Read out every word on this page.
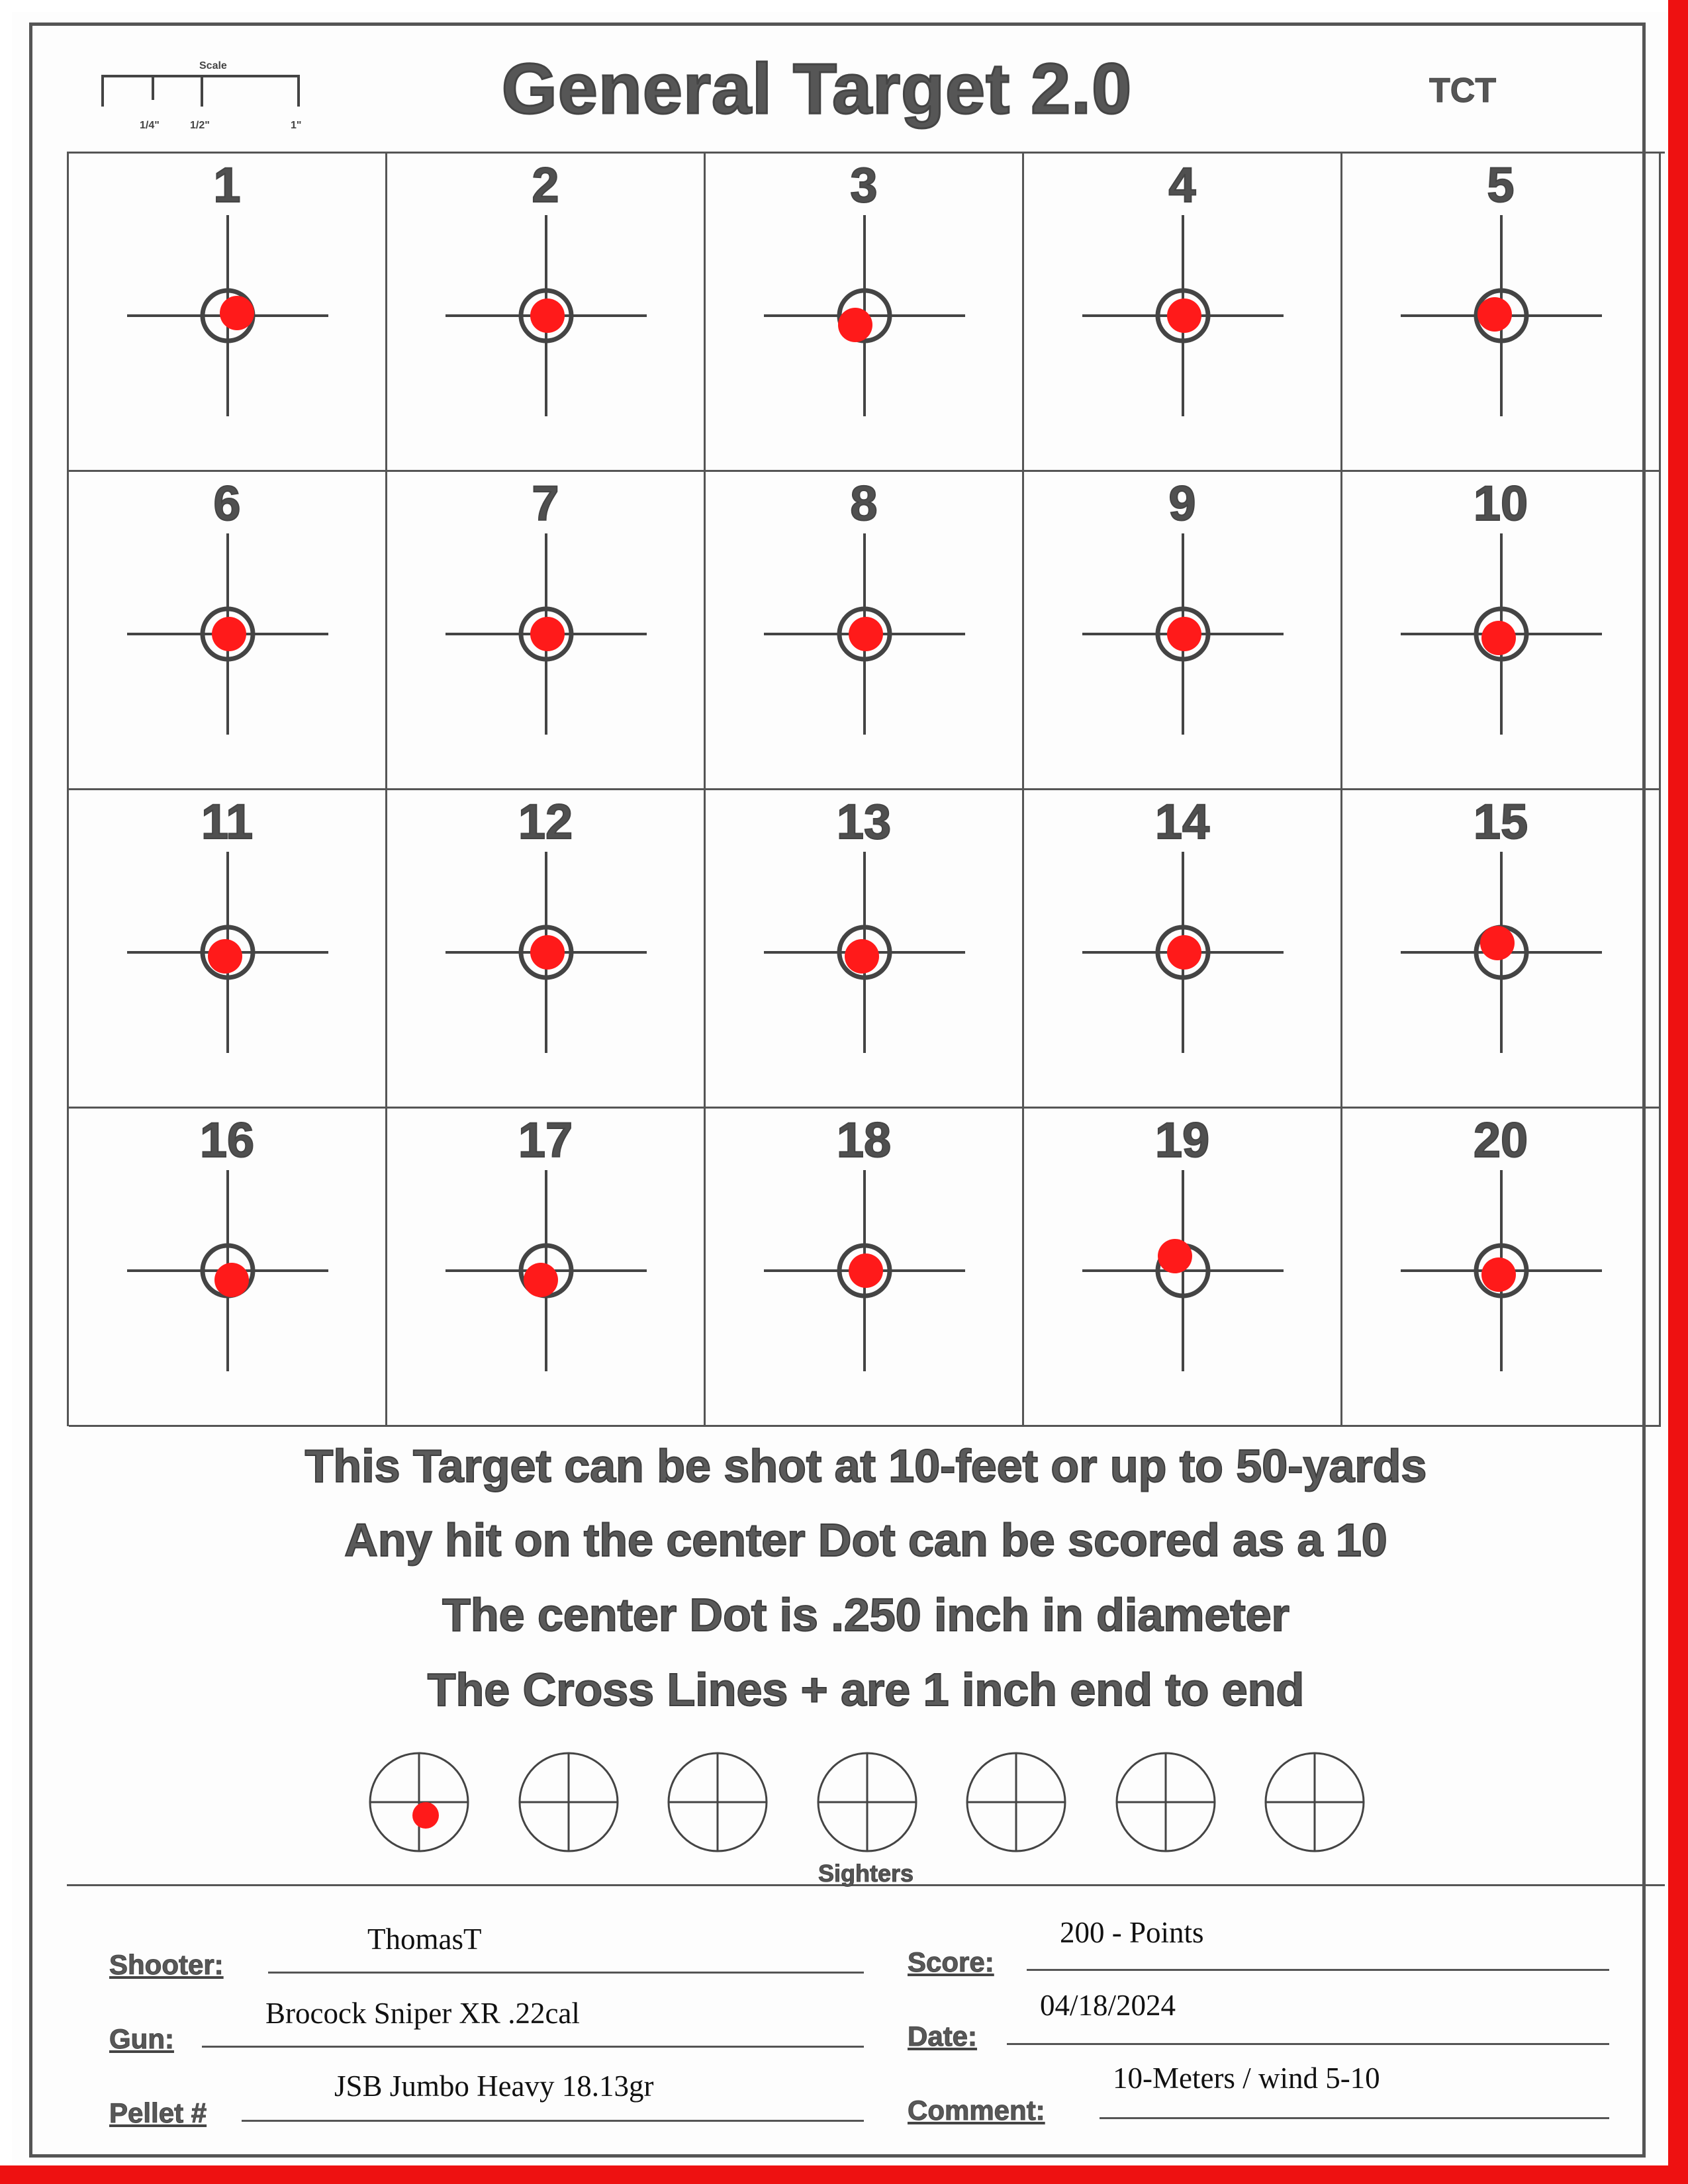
Scale
1/4"	1/2"	1"	General Target 2.0	TCT
1	2	3	4	5
6	7	8	9	10
11	12	13	14	15
16	17	18	19	20
This Target can be shot at 10-feet or up to 50-yards
Any hit on the center Dot can be scored as a 10
The center Dot is .250 inch in diameter
The Cross Lines + are 1 inch end to end
Sighters
Shooter:
ThomasT
Gun:
Brocock Sniper XR .22cal
Pellet #
JSB Jumbo Heavy 18.13gr
Score:
200 - Points
Date:
04/18/2024
Comment:
10-Meters / wind 5-10
